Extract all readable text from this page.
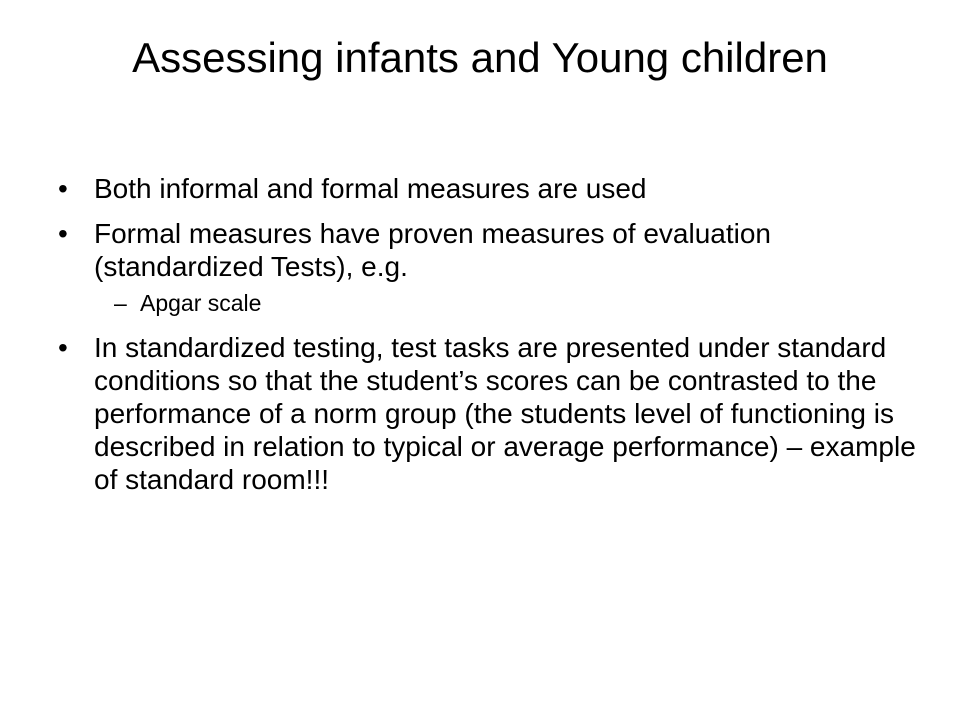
Assessing infants and Young children
• Both informal and formal measures are used
• Formal measures have proven measures of evaluation (standardized Tests), e.g.
– Apgar scale
• In standardized testing, test tasks are presented under standard conditions so that the student’s scores can be contrasted to the performance of a norm group (the students level of functioning is described in relation to typical or average performance) – example of standard room!!!
